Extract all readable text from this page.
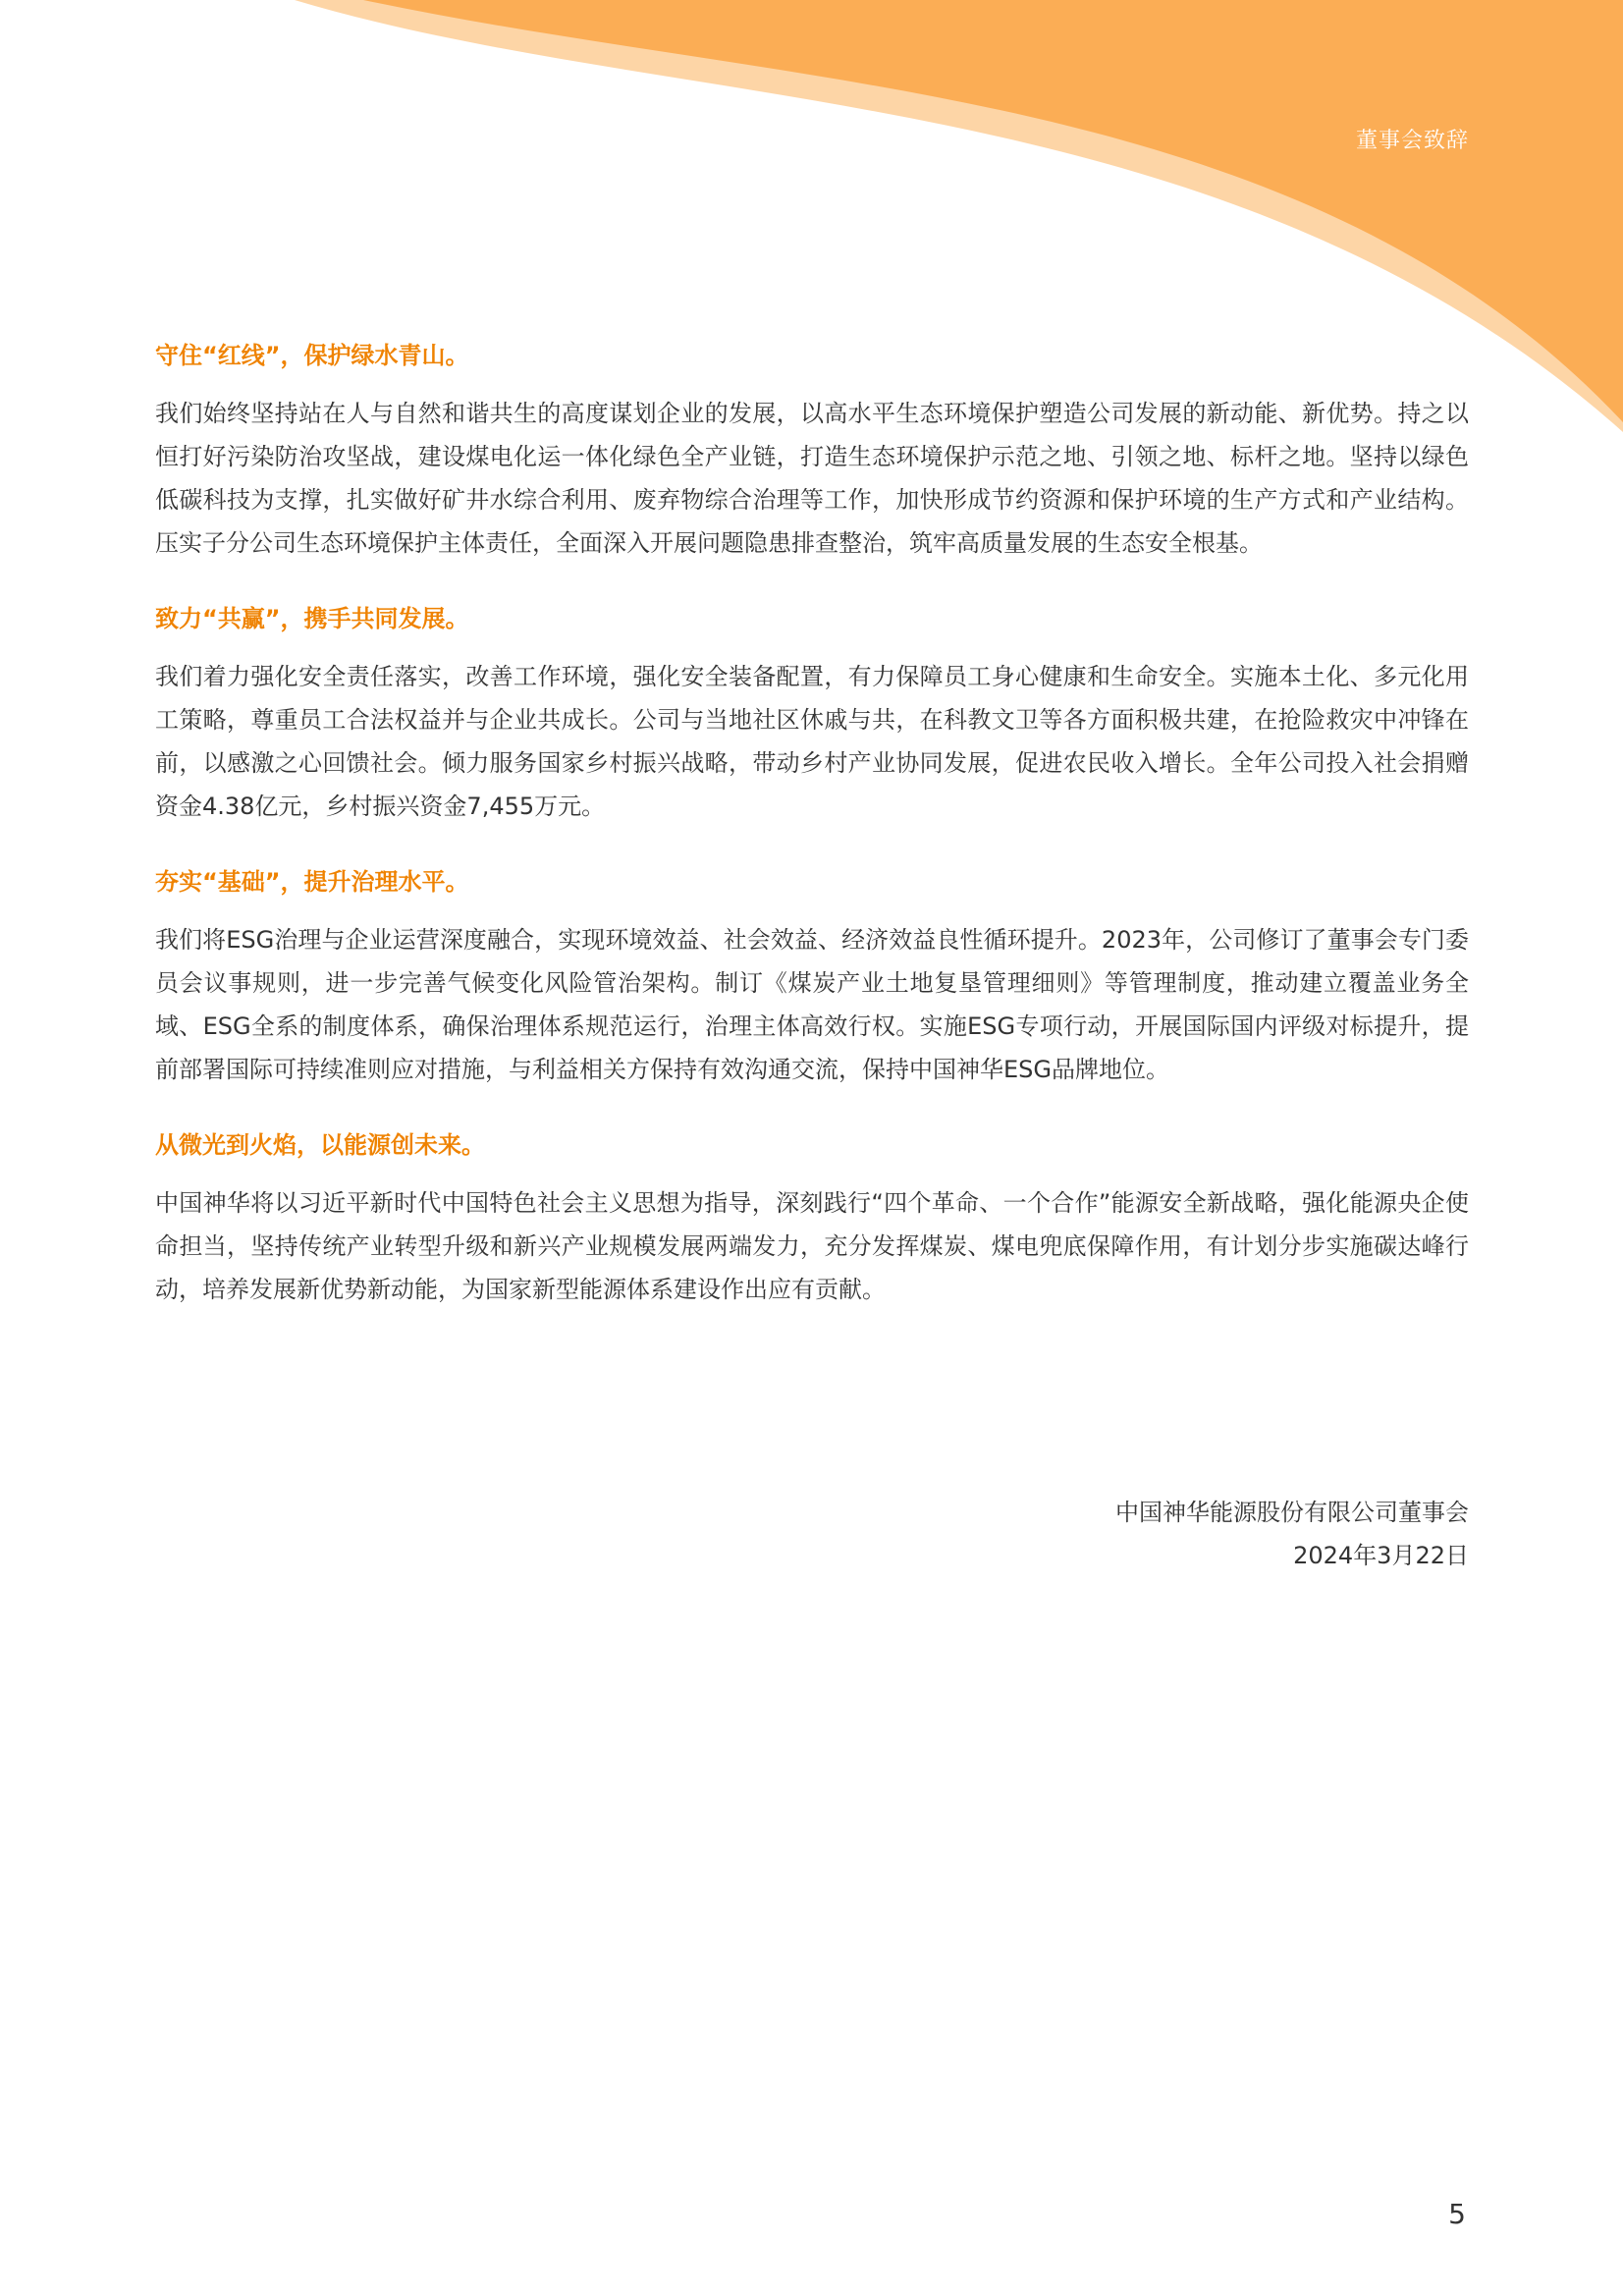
董事会致辞
守住“红线”，保护绿水青山。

我们始终坚持站在人与自然和谐共生的高度谋划企业的发展，以高水平生态环境保护塑造公司发展的新动能、新优势。持之以恒打好污染防治攻坚战，建设煤电化运一体化绿色全产业链，打造生态环境保护示范之地、引领之地、标杆之地。坚持以绿色低碳科技为支撑，扎实做好矿井水综合利用、废弃物综合治理等工作，加快形成节约资源和保护环境的生产方式和产业结构。压实子分公司生态环境保护主体责任，全面深入开展问题隐患排查整治，筑牢高质量发展的生态安全根基。

致力“共赢”，携手共同发展。

我们着力强化安全责任落实，改善工作环境，强化安全装备配置，有力保障员工身心健康和生命安全。实施本土化、多元化用工策略，尊重员工合法权益并与企业共成长。公司与当地社区休戚与共，在科教文卫等各方面积极共建，在抢险救灾中冲锋在前，以感激之心回馈社会。倾力服务国家乡村振兴战略，带动乡村产业协同发展，促进农民收入增长。全年公司投入社会捐赠资金4.38亿元，乡村振兴资金7,455万元。

夯实“基础”，提升治理水平。

我们将ESG治理与企业运营深度融合，实现环境效益、社会效益、经济效益良性循环提升。2023年，公司修订了董事会专门委员会议事规则，进一步完善气候变化风险管治架构。制订《煤炭产业土地复垦管理细则》等管理制度，推动建立覆盖业务全域、ESG全系的制度体系，确保治理体系规范运行，治理主体高效行权。实施ESG专项行动，开展国际国内评级对标提升，提前部署国际可持续准则应对措施，与利益相关方保持有效沟通交流，保持中国神华ESG品牌地位。

从微光到火焰，以能源创未来。

中国神华将以习近平新时代中国特色社会主义思想为指导，深刻践行“四个革命、一个合作”能源安全新战略，强化能源央企使命担当，坚持传统产业转型升级和新兴产业规模发展两端发力，充分发挥煤炭、煤电兜底保障作用，有计划分步实施碳达峰行动，培养发展新优势新动能，为国家新型能源体系建设作出应有贡献。

中国神华能源股份有限公司董事会
2024年3月22日
5
